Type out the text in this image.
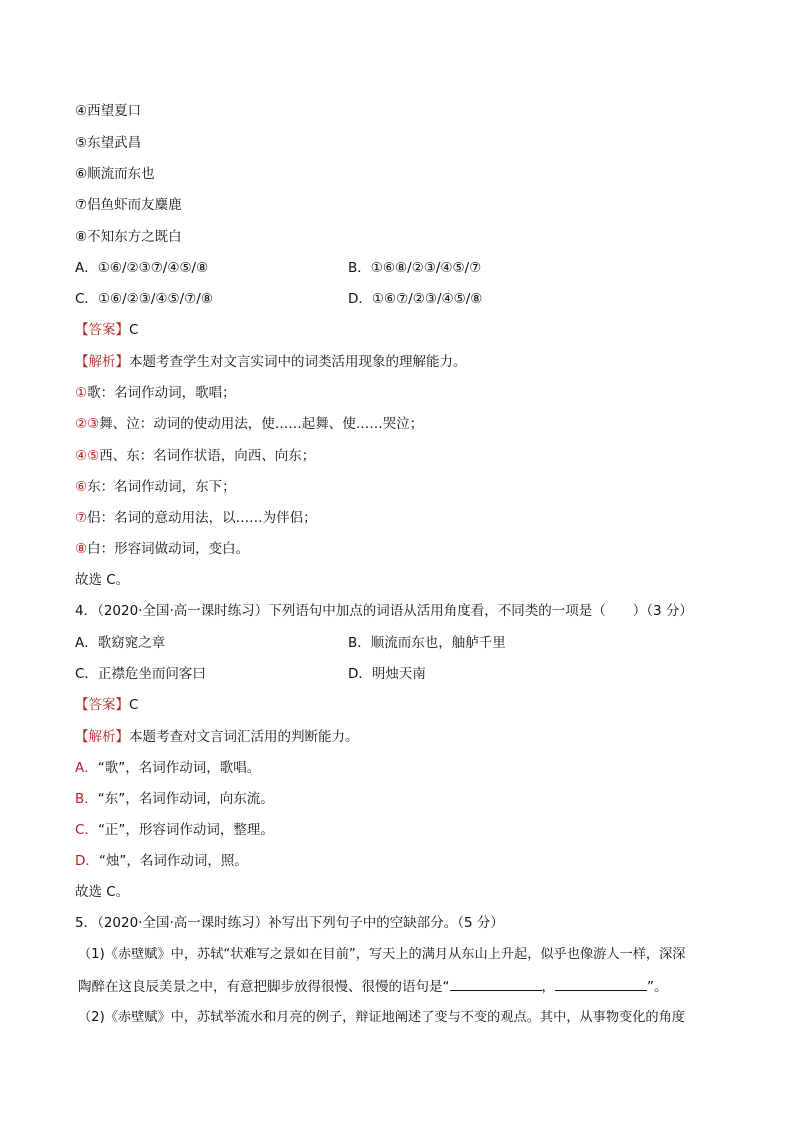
④西望夏口
⑤东望武昌
⑥顺流而东也
⑦侣鱼虾而友麋鹿
⑧不知东方之既白
A．①⑥/②③⑦/④⑤/⑧	B．①⑥⑧/②③/④⑤/⑦
C．①⑥/②③/④⑤/⑦/⑧	D．①⑥⑦/②③/④⑤/⑧
【答案】C
【解析】本题考查学生对文言实词中的词类活用现象的理解能力。
①歌：名词作动词，歌唱；
②③舞、泣：动词的使动用法，使……起舞、使……哭泣；
④⑤西、东：名词作状语，向西、向东；
⑥东：名词作动词，东下；
⑦侣：名词的意动用法，以……为伴侣；
⑧白：形容词做动词，变白。
故选 C。
4．（2020·全国·高一课时练习）下列语句中加点的词语从活用角度看，不同类的一项是（　　）（3 分）
A．歌窈窕之章	B．顺流而东也，舳舻千里
C．正襟危坐而问客曰	D．明烛天南
【答案】C
【解析】本题考查对文言词汇活用的判断能力。
A．“歌”，名词作动词，歌唱。
B．“东”，名词作动词，向东流。
C．“正”，形容词作动词，整理。
D．“烛”，名词作动词，照。
故选 C。
5．（2020·全国·高一课时练习）补写出下列句子中的空缺部分。（5 分）
（1)《赤壁赋》中，苏轼“状难写之景如在目前”，写天上的满月从东山上升起，似乎也像游人一样，深深
陶醉在这良辰美景之中，有意把脚步放得很慢、很慢的语句是“	，	”。
（2)《赤壁赋》中，苏轼举流水和月亮的例子，辩证地阐述了变与不变的观点。其中，从事物变化的角度
